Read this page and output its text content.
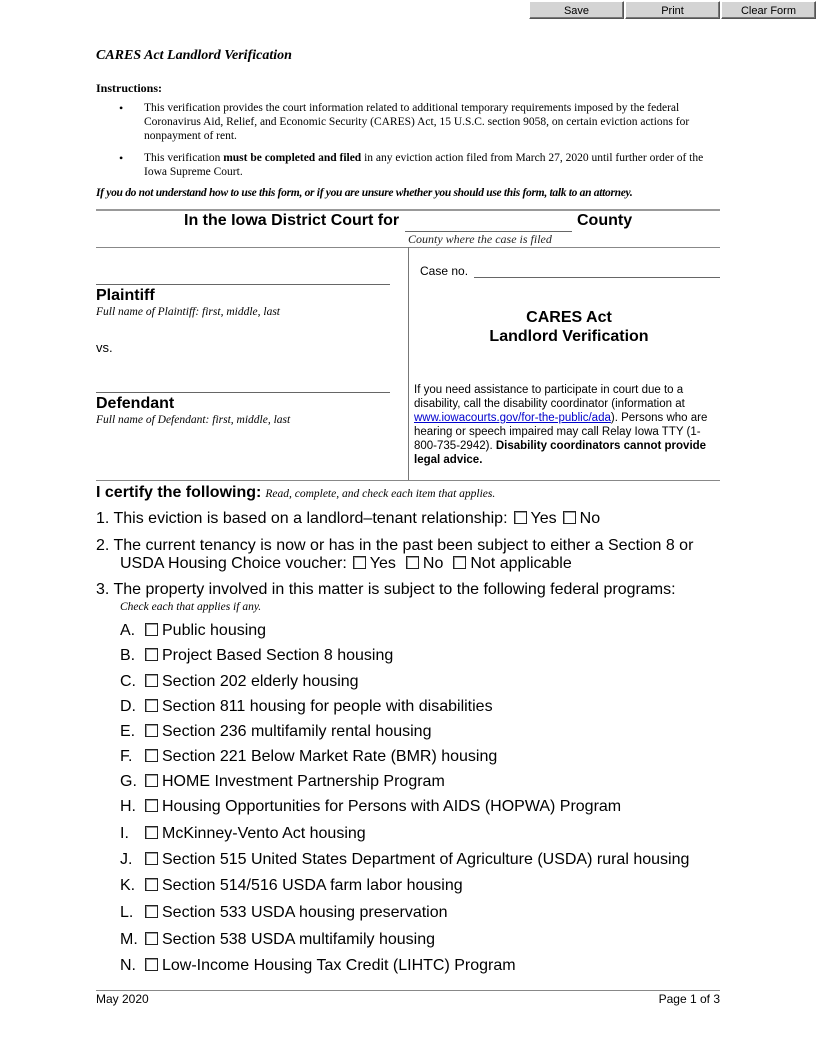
Save	Print	Clear Form
CARES Act Landlord Verification
Instructions:
• This verification provides the court information related to additional temporary requirements imposed by the federal Coronavirus Aid, Relief, and Economic Security (CARES) Act, 15 U.S.C. section 9058, on certain eviction actions for nonpayment of rent.
• This verification must be completed and filed in any eviction action filed from March 27, 2020 until further order of the Iowa Supreme Court.
If you do not understand how to use this form, or if you are unsure whether you should use this form, talk to an attorney.
In the Iowa District Court for	County
County where the case is filed
Case no.
Plaintiff
Full name of Plaintiff: first, middle, last
vs.
Defendant
Full name of Defendant: first, middle, last
CARES Act
Landlord Verification
If you need assistance to participate in court due to a disability, call the disability coordinator (information at www.iowacourts.gov/for-the-public/ada). Persons who are hearing or speech impaired may call Relay Iowa TTY (1-800-735-2942). Disability coordinators cannot provide legal advice.
I certify the following: Read, complete, and check each item that applies.
1. This eviction is based on a landlord–tenant relationship: Yes No
2. The current tenancy is now or has in the past been subject to either a Section 8 or
USDA Housing Choice voucher: Yes No Not applicable
3. The property involved in this matter is subject to the following federal programs:
Check each that applies if any.
A. Public housing
B. Project Based Section 8 housing
C. Section 202 elderly housing
D. Section 811 housing for people with disabilities
E. Section 236 multifamily rental housing
F. Section 221 Below Market Rate (BMR) housing
G. HOME Investment Partnership Program
H. Housing Opportunities for Persons with AIDS (HOPWA) Program
I. McKinney-Vento Act housing
J. Section 515 United States Department of Agriculture (USDA) rural housing
K. Section 514/516 USDA farm labor housing
L. Section 533 USDA housing preservation
M. Section 538 USDA multifamily housing
N. Low-Income Housing Tax Credit (LIHTC) Program
May 2020	Page 1 of 3
